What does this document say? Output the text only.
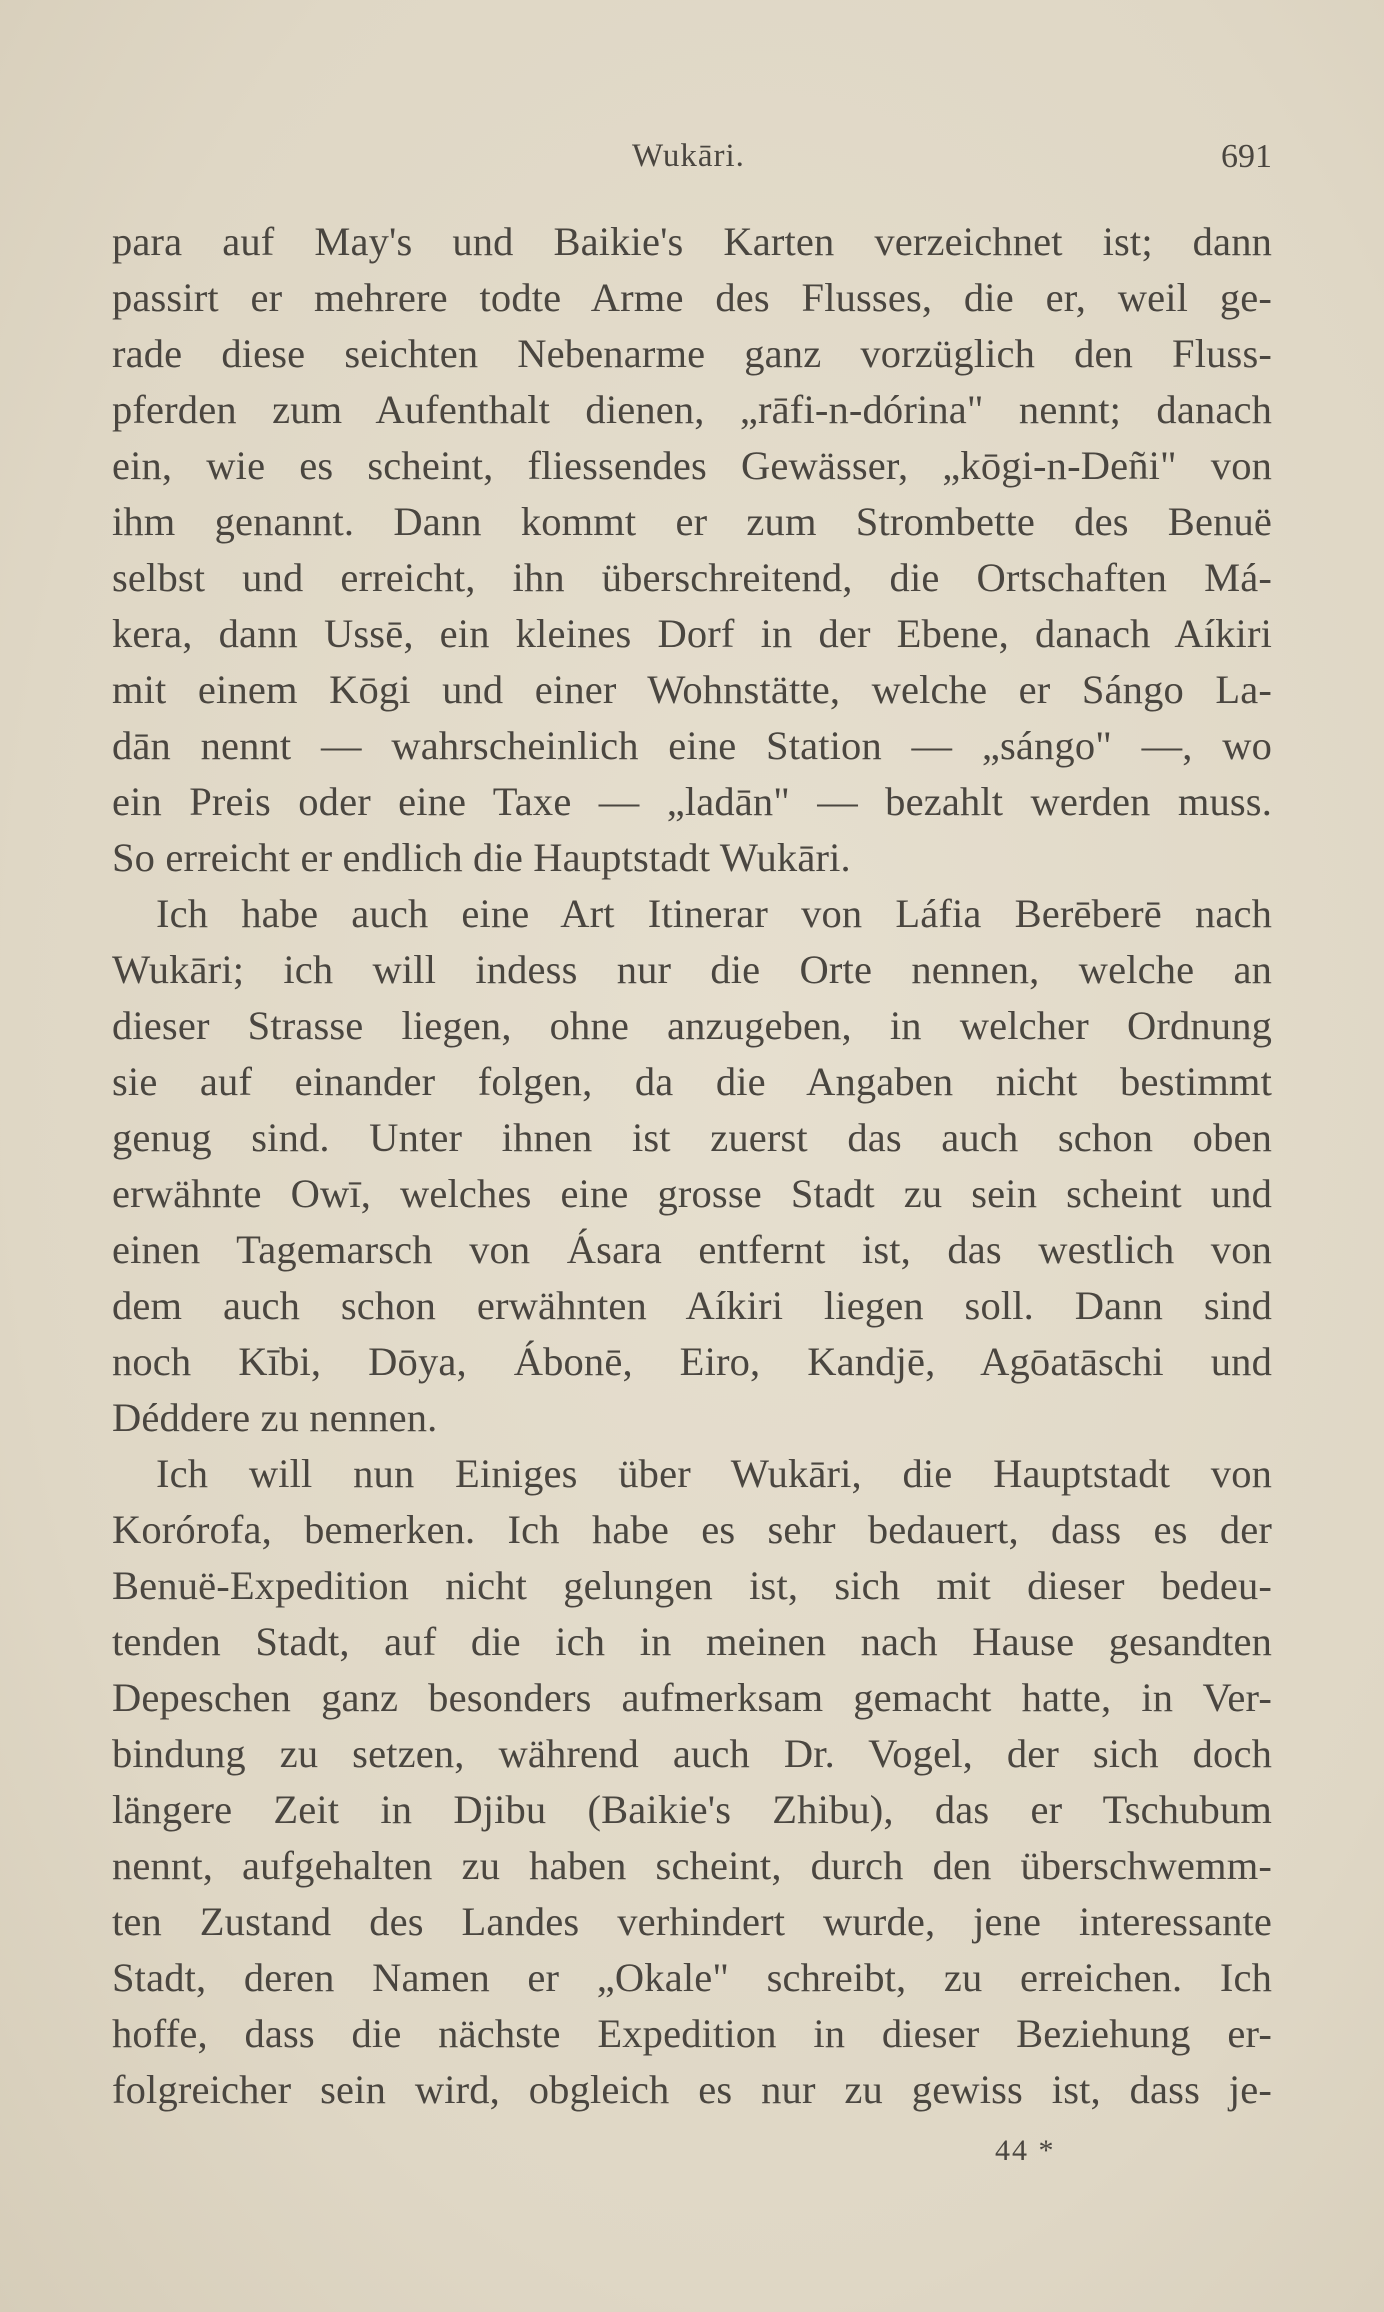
Wukāri.	691
para auf May's und Baikie's Karten verzeichnet ist; dann
passirt er mehrere todte Arme des Flusses, die er, weil ge-
rade diese seichten Nebenarme ganz vorzüglich den Fluss-
pferden zum Aufenthalt dienen, „rāfi-n-dórina" nennt; danach
ein, wie es scheint, fliessendes Gewässer, „kōgi-n-Deñi" von
ihm genannt. Dann kommt er zum Strombette des Benuë
selbst und erreicht, ihn überschreitend, die Ortschaften Má-
kera, dann Ussē, ein kleines Dorf in der Ebene, danach Aíkiri
mit einem Kōgi und einer Wohnstätte, welche er Sángo La-
dān nennt — wahrscheinlich eine Station — „sángo" —, wo
ein Preis oder eine Taxe — „ladān" — bezahlt werden muss.
So erreicht er endlich die Hauptstadt Wukāri.
Ich habe auch eine Art Itinerar von Láfia Berēberē nach
Wukāri; ich will indess nur die Orte nennen, welche an
dieser Strasse liegen, ohne anzugeben, in welcher Ordnung
sie auf einander folgen, da die Angaben nicht bestimmt
genug sind. Unter ihnen ist zuerst das auch schon oben
erwähnte Owī, welches eine grosse Stadt zu sein scheint und
einen Tagemarsch von Ásara entfernt ist, das westlich von
dem auch schon erwähnten Aíkiri liegen soll. Dann sind
noch Kībi, Dōya, Ábonē, Eiro, Kandjē, Agōatāschi und
Déddere zu nennen.
Ich will nun Einiges über Wukāri, die Hauptstadt von
Korórofa, bemerken. Ich habe es sehr bedauert, dass es der
Benuë-Expedition nicht gelungen ist, sich mit dieser bedeu-
tenden Stadt, auf die ich in meinen nach Hause gesandten
Depeschen ganz besonders aufmerksam gemacht hatte, in Ver-
bindung zu setzen, während auch Dr. Vogel, der sich doch
längere Zeit in Djibu (Baikie's Zhibu), das er Tschubum
nennt, aufgehalten zu haben scheint, durch den überschwemm-
ten Zustand des Landes verhindert wurde, jene interessante
Stadt, deren Namen er „Okale" schreibt, zu erreichen. Ich
hoffe, dass die nächste Expedition in dieser Beziehung er-
folgreicher sein wird, obgleich es nur zu gewiss ist, dass je-
44 *
